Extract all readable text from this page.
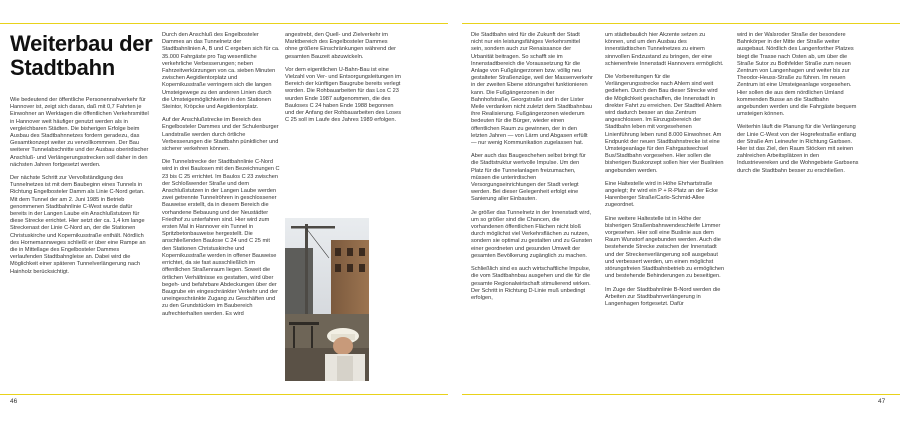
Weiterbau der Stadtbahn

Wie bedeutend der öffentliche Personennahverkehr für Hannover ist, zeigt sich daran, daß mit 0,7 Fahrten je Einwohner an Werktagen die öffentlichen Verkehrsmittel in Hannover weit häufiger genutzt werden als in vergleichbaren Städten. Die bisherigen Erfolge beim Ausbau des Stadtbahnnetzes fordern geradezu, das Gesamtkonzept weiter zu vervollkommnen. Der Bau weiterer Tunnelabschnitte und der Ausbau oberirdischer Anschluß- und Verlängerungsstrecken soll daher in den nächsten Jahren fortgesetzt werden.

Der nächste Schritt zur Vervollständigung des Tunnelnetzes ist mit dem Baubeginn eines Tunnels in Richtung Engelbosteler Damm als Linie C-Nord getan. Mit dem Tunnel der am 2. Juni 1985 in Betrieb genommenen Stadtbahnlinie C-West wurde dafür bereits in der Langen Laube ein Anschlußstutzen für diese Strecke errichtet. Hier setzt der ca. 1,4 km lange Streckenast der Linie C-Nord an, der die Stationen Christuskirche und Kopernikusstraße enthält. Nördlich des Hornemannweges schließt er über eine Rampe an die in Mittellage des Engelbosteler Dammes verlaufenden Stadtbahngleise an. Dabei wird die Möglichkeit einer späteren Tunnelverlängerung nach Hainholz berücksichtigt.

Durch den Anschluß des Engelbosteler Dammes an das Tunnelnetz der Stadtbahnlinien A, B und C ergeben sich für ca. 35.000 Fahrgäste pro Tag wesentliche verkehrliche Verbesserungen; neben Fahrzeitverkürzungen von ca. sieben Minuten zwischen Aegidientorplatz und Kopernikusstraße verringern sich die langen Umsteigewege zu den anderen Linien durch die Umsteigemöglichkeiten in den Stationen Steintor, Kröpcke und Aegidientorplatz.

Auf der Anschlußstrecke im Bereich des Engelbosteler Dammes und der Schulenburger Landstraße werden durch örtliche Verbesserungen die Stadtbahn pünktlicher und sicherer verkehren können.

Die Tunnelstrecke der Stadtbahnlinie C-Nord wird in drei Baulosen mit den Bezeichnungen C 23 bis C 25 errichtet. Im Baulos C 23 zwischen der Schloßwender Straße und dem Anschlußstutzen in der Langen Laube werden zwei getrennte Tunnelröhren in geschlossener Bauweise erstellt, da in diesem Bereich die vorhandene Bebauung und der Neustädter Friedhof zu unterfahren sind. Hier wird zum ersten Mal in Hannover ein Tunnel in Spritzbetonbauweise hergestellt. Die anschließenden Baulose C 24 und C 25 mit den Stationen Christuskirche und Kopernikusstraße werden in offener Bauweise errichtet, da sie fast ausschließlich im öffentlichen Straßenraum liegen. Soweit die örtlichen Verhältnisse es gestatten, wird über begeh- und befahrbare Abdeckungen über der Baugrube ein eingeschränkter Verkehr und der uneingeschränkte Zugang zu Geschäften und zu den Grundstücken im Baubereich aufrechterhalten werden. Es wird

angestrebt, den Quell- und Zielverkehr im Marktbereich des Engelbosteler Dammes ohne größere Einschränkungen während der gesamten Bauzeit abzuwickeln.

Vor dem eigentlichen U-Bahn-Bau ist eine Vielzahl von Ver- und Entsorgungsleitungen im Bereich der künftigen Baugrube bereits verlegt worden. Die Rohbauarbeiten für das Los C 23 wurden Ende 1987 aufgenommen, die des Bauloses C 24 haben Ende 1988 begonnen und der Anfang der Rohbauarbeiten des Loses C 25 soll im Laufe des Jahres 1989 erfolgen.

46

Die Stadtbahn wird für die Zukunft der Stadt nicht nur ein leistungsfähiges Verkehrsmittel sein, sondern auch zur Renaissance der Urbanität beitragen. So schafft sie im Innenstadtbereich die Voraussetzung für die Anlage von Fußgängerzonen bzw. völlig neu gestalteter Straßenzüge, weil der Massenverkehr in der zweiten Ebene störungsfrei funktionieren kann. Die Fußgängerzonen in der Bahnhofstraße, Georgstraße und in der Lister Meile verdanken nicht zuletzt dem Stadtbahnbau ihre Realisierung. Fußgängerzonen wiederum bedeuten für die Bürger, wieder einen öffentlichen Raum zu gewinnen, der in den letzten Jahren — von Lärm und Abgasen erfüllt — nur wenig Kommunikation zugelassen hat.

Aber auch das Baugeschehen selbst bringt für die Stadtstruktur wertvolle Impulse. Um den Platz für die Tunnelanlagen freizumachen, müssen die unterirdischen Versorgungseinrichtungen der Stadt verlegt werden. Bei dieser Gelegenheit erfolgt eine Sanierung aller Einbauten.

Je größer das Tunnelnetz in der Innenstadt wird, um so größer sind die Chancen, die vorhandenen öffentlichen Flächen nicht bloß durch möglichst viel Verkehrsflächen zu nutzen, sondern sie optimal zu gestalten und zu Gunsten einer geordneten und gesunden Umwelt der gesamten Bevölkerung zugänglich zu machen.

Schließlich sind es auch wirtschaftliche Impulse, die vom Stadtbahnbau ausgehen und die für die gesamte Regionalwirtschaft stimulierend wirken. Der Schritt in Richtung D-Linie muß unbedingt erfolgen,

um städtebaulich hier Akzente setzen zu können, und um den Ausbau des innerstädtischen Tunnelnetzes zu einem sinnvollen Endzustand zu bringen, der eine schienenfreie Innenstadt Hannovers ermöglicht.

Die Vorbereitungen für die Verlängerungsstrecke nach Ahlem sind weit gediehen. Durch den Bau dieser Strecke wird die Möglichkeit geschaffen, die Innenstadt in direkter Fahrt zu erreichen. Der Stadtteil Ahlem wird dadurch besser an das Zentrum angeschlossen. Im Einzugsbereich der Stadtbahn leben mit vorgesehenen Linienführung leben rund 8.000 Einwohner. Am Endpunkt der neuen Stadtbahnstrecke ist eine Umsteigeanlage für den Fahrgastwechsel Bus/Stadtbahn vorgesehen. Hier sollen die bisherigen Buskonzept sollen hier vier Buslinien angebunden werden.

Eine Haltestelle wird in Höhe Ehrhartstraße angelegt; ihr wird ein P + R-Platz an der Ecke Harenberger Straße/Carlo-Schmid-Allee zugeordnet.

Eine weitere Haltestelle ist in Höhe der bisherigen Straßenbahnwendeschleife Limmer vorgesehen. Hier soll eine Buslinie aus dem Raum Wunstorf angebunden werden. Auch die bestehende Strecke zwischen der Innenstadt und der Streckenverlängerung soll ausgebaut und verbessert werden, um einen möglichst störungsfreien Stadtbahnbetrieb zu ermöglichen und bestehende Behinderungen zu beseitigen.

Im Zuge der Stadtbahnlinie B-Nord werden die Arbeiten zur Stadtbahnverlängerung in Langenhagen fortgesetzt. Dafür

wird in der Walsroder Straße der besondere Bahnkörper in der Mitte der Straße weiter ausgebaut. Nördlich des Langenforther Platzes biegt die Trasse nach Osten ab, um über die Straße Sutor zu Bothfelder Straße zum neuen Zentrum von Langenhagen und weiter bis zur Theodor-Heuss-Straße zu führen. Im neuen Zentrum ist eine Umsteigeanlage vorgesehen. Hier sollen die aus dem nördlichen Umland kommenden Busse an die Stadtbahn angebunden werden und die Fahrgäste bequem umsteigen können.

Weiterhin läuft die Planung für die Verlängerung der Linie C-West von der Hogrefestraße entlang der Straße Am Leineufer in Richtung Garbsen. Hier ist das Ziel, den Raum Stöcken mit seinen zahlreichen Arbeitsplätzen in den Industrievereken und die Wohngebiete Garbsens durch die Stadtbahn besser zu erschließen.

47
